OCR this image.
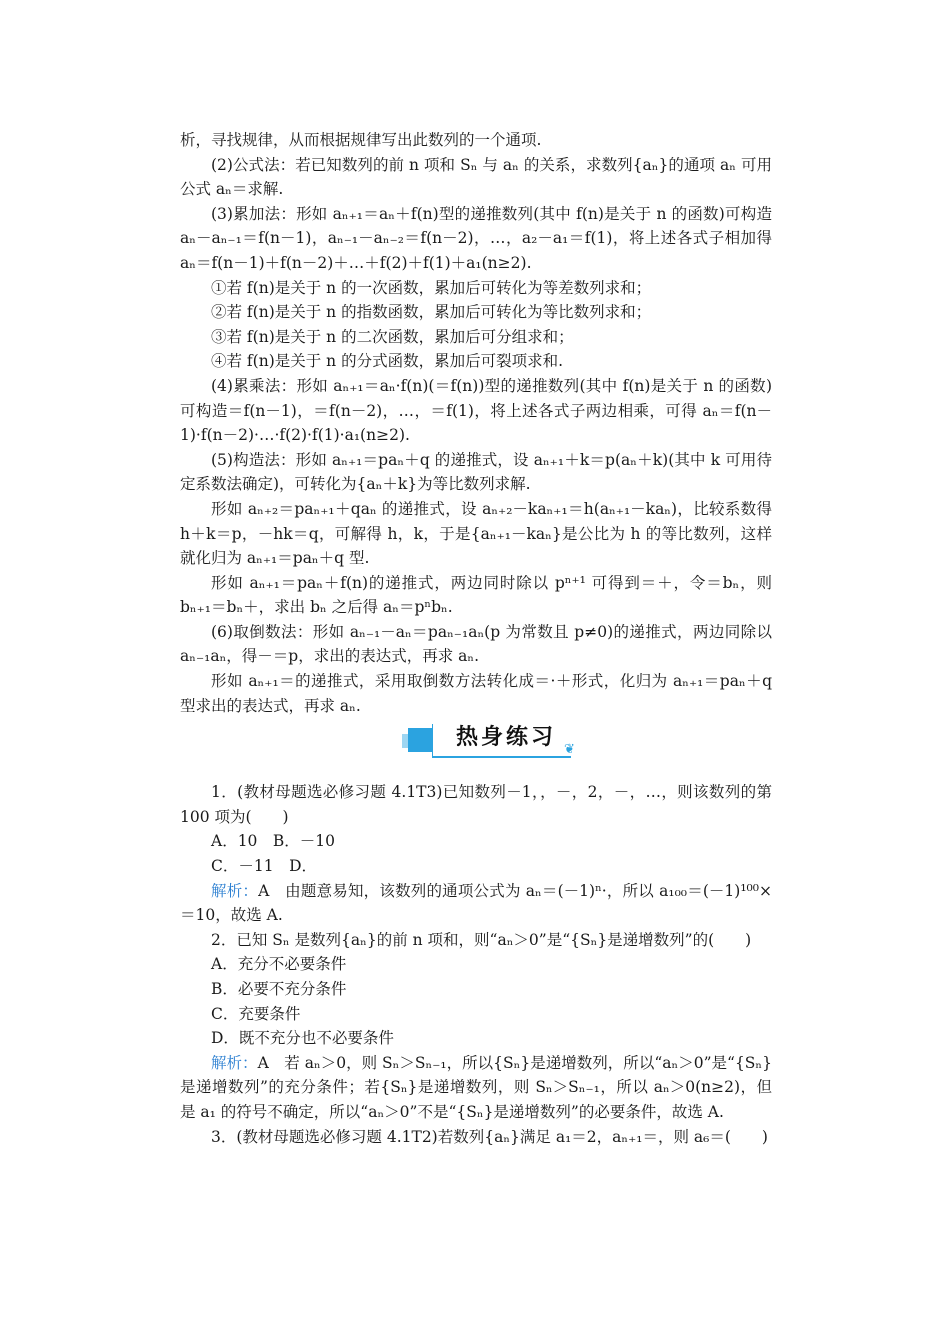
析，寻找规律，从而根据规律写出此数列的一个通项.

(2)公式法：若已知数列的前 n 项和 Sₙ 与 aₙ 的关系，求数列{aₙ}的通项 aₙ 可用公式 aₙ＝求解.

(3)累加法：形如 aₙ₊₁＝aₙ＋f(n)型的递推数列(其中 f(n)是关于 n 的函数)可构造 aₙ－aₙ₋₁＝f(n－1)，aₙ₋₁－aₙ₋₂＝f(n－2)，…，a₂－a₁＝f(1)，将上述各式子相加得 aₙ＝f(n－1)＋f(n－2)＋…＋f(2)＋f(1)＋a₁(n≥2).

①若 f(n)是关于 n 的一次函数，累加后可转化为等差数列求和；

②若 f(n)是关于 n 的指数函数，累加后可转化为等比数列求和；

③若 f(n)是关于 n 的二次函数，累加后可分组求和；

④若 f(n)是关于 n 的分式函数，累加后可裂项求和.

(4)累乘法：形如 aₙ₊₁＝aₙ·f(n)(＝f(n))型的递推数列(其中 f(n)是关于 n 的函数)可构造＝f(n－1)，＝f(n－2)，…，＝f(1)，将上述各式子两边相乘，可得 aₙ＝f(n－1)·f(n－2)·…·f(2)·f(1)·a₁(n≥2).

(5)构造法：形如 aₙ₊₁＝paₙ＋q 的递推式，设 aₙ₊₁＋k＝p(aₙ＋k)(其中 k 可用待定系数法确定)，可转化为{aₙ＋k}为等比数列求解.

形如 aₙ₊₂＝paₙ₊₁＋qaₙ 的递推式，设 aₙ₊₂－kaₙ₊₁＝h(aₙ₊₁－kaₙ)，比较系数得 h＋k＝p，－hk＝q，可解得 h，k，于是{aₙ₊₁－kaₙ}是公比为 h 的等比数列，这样就化归为 aₙ₊₁＝paₙ＋q 型.

形如 aₙ₊₁＝paₙ＋f(n)的递推式，两边同时除以 pⁿ⁺¹ 可得到＝＋，令＝bₙ，则 bₙ₊₁＝bₙ＋，求出 bₙ 之后得 aₙ＝pⁿbₙ.

(6)取倒数法：形如 aₙ₋₁－aₙ＝paₙ₋₁aₙ(p 为常数且 p≠0)的递推式，两边同除以 aₙ₋₁aₙ，得－＝p，求出的表达式，再求 aₙ.

形如 aₙ₊₁＝的递推式，采用取倒数方法转化成＝·＋形式，化归为 aₙ₊₁＝paₙ＋q 型求出的表达式，再求 aₙ.

热身练习 ❦

1．(教材母题选必修习题 4.1T3)已知数列－1，，－，2，－，…，则该数列的第 100 项为(　　)

A．10　B．－10

C．－11　D．

解析：A　由题意易知，该数列的通项公式为 aₙ＝(－1)ⁿ·，所以 a₁₀₀＝(－1)¹⁰⁰×＝10，故选 A.

2．已知 Sₙ 是数列{aₙ}的前 n 项和，则“aₙ＞0”是“{Sₙ}是递增数列”的(　　)

A．充分不必要条件

B．必要不充分条件

C．充要条件

D．既不充分也不必要条件

解析：A　若 aₙ＞0，则 Sₙ＞Sₙ₋₁，所以{Sₙ}是递增数列，所以“aₙ＞0”是“{Sₙ}是递增数列”的充分条件；若{Sₙ}是递增数列，则 Sₙ＞Sₙ₋₁，所以 aₙ＞0(n≥2)，但是 a₁ 的符号不确定，所以“aₙ＞0”不是“{Sₙ}是递增数列”的必要条件，故选 A.

3．(教材母题选必修习题 4.1T2)若数列{aₙ}满足 a₁＝2，aₙ₊₁＝，则 a₆＝(　　)
